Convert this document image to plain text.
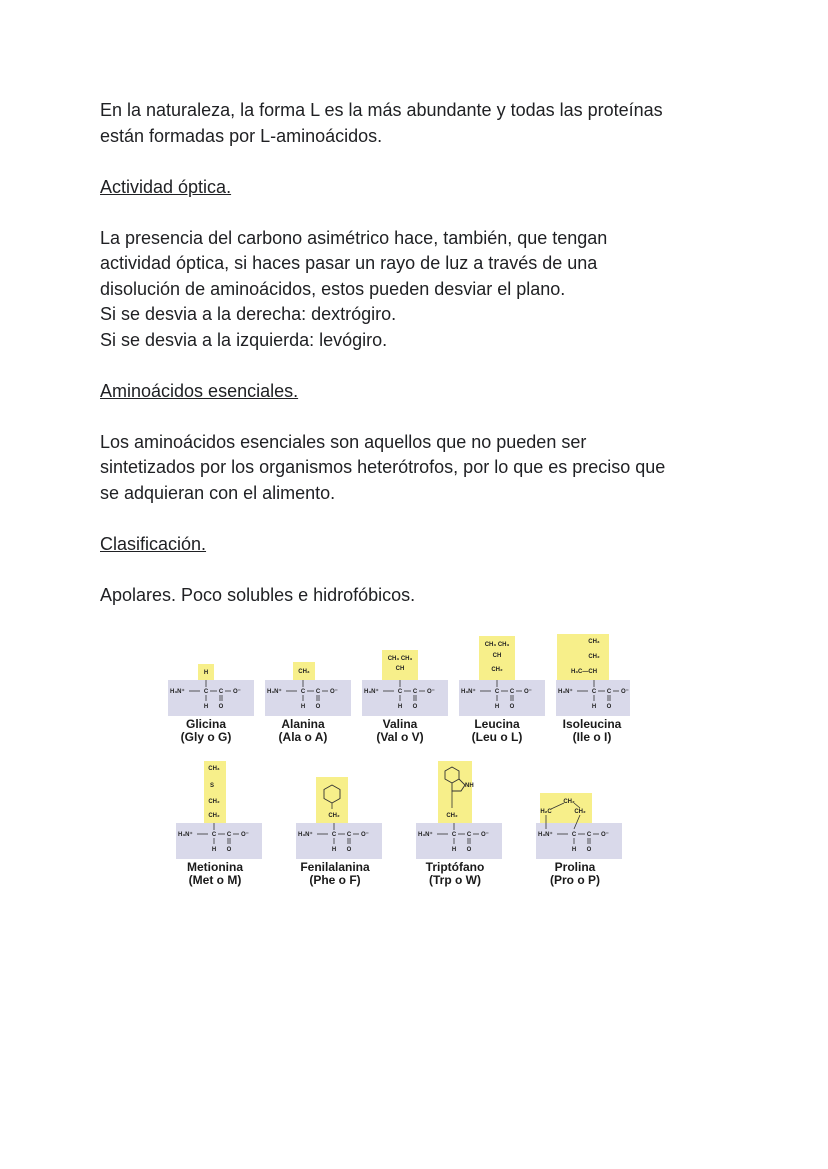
En la naturaleza, la forma L es la más abundante y todas las proteínas

están formadas por L-aminoácidos.

Actividad óptica.

La presencia del carbono asimétrico hace, también, que tengan

actividad óptica, si haces pasar un rayo de luz a través de una

disolución de aminoácidos, estos pueden desviar el plano.

Si se desvia a la derecha: dextrógiro.

Si se desvia a la izquierda: levógiro.

Aminoácidos esenciales.

Los aminoácidos esenciales son aquellos que no pueden ser

sintetizados por los organismos heterótrofos, por lo que es preciso que

se adquieran con el alimento.

Clasificación.

Apolares. Poco solubles e hidrofóbicos.

H
H₃N⁺	C C O⁻
H O
Glicina
(Gly o G)
CH₃
H₃N⁺	C C O⁻
H O
Alanina
(Ala o A)
CH₃ CH₃
CH
H₃N⁺	C C O⁻
H O
Valina
(Val o V)
CH₃ CH₃
CH
CH₂
H₃N⁺	C C O⁻
H O
Leucina
(Leu o L)
CH₃
CH₂
H₃C—CH
H₃N⁺	C C O⁻
H O
Isoleucina
(Ile o I)
CH₃
S
CH₂
CH₂
H₃N⁺	C C O⁻
H O
Metionina
(Met o M)
CH₂
H₃N⁺	C C O⁻
H O
Fenilalanina
(Phe o F)
NH
CH₂
H₃N⁺	C C O⁻
H O
Triptófano
(Trp o W)
CH₂
H₂C	CH₂
H₃N⁺	C C O⁻
H O
Prolina
(Pro o P)
